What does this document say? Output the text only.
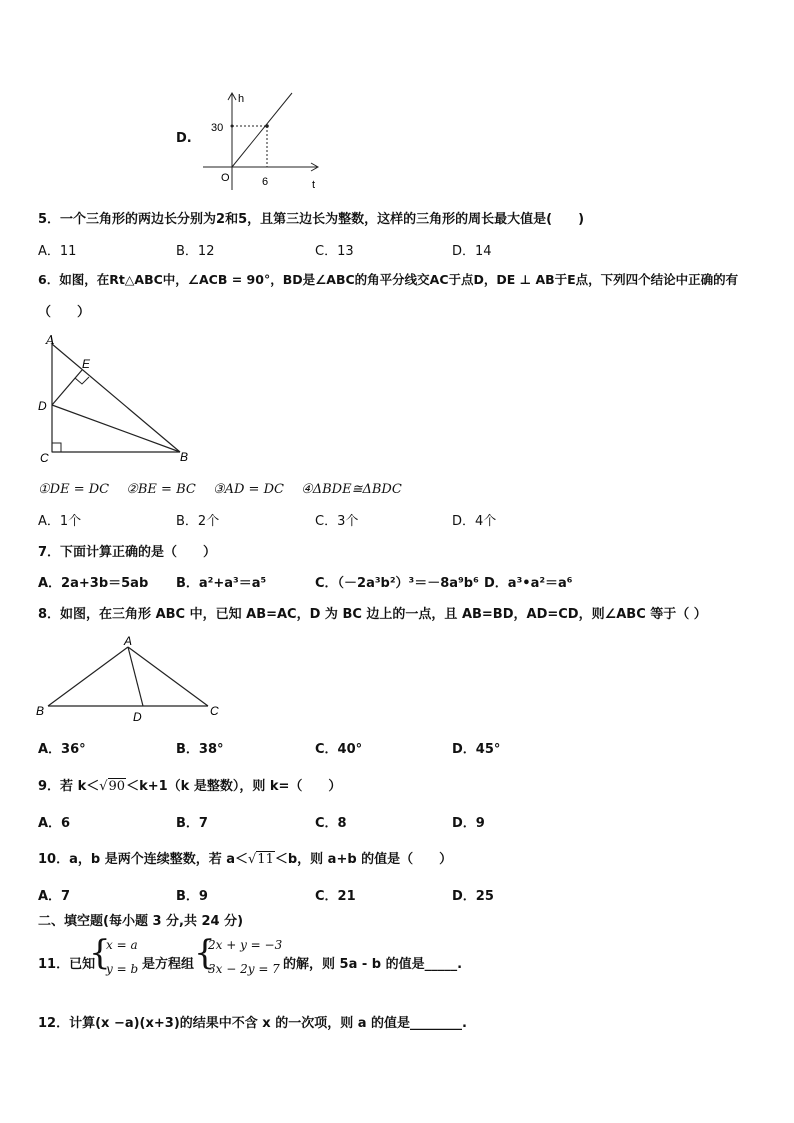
D.
h
t
O
30
6
5．一个三角形的两边长分别为2和5，且第三边长为整数，这样的三角形的周长最大值是(　　)
A．11	B．12	C．13	D．14
6．如图，在Rt△ABC中，∠ACB = 90°，BD是∠ABC的角平分线交AC于点D，DE ⊥ AB于E点，下列四个结论中正确的有
（　　）
A
E
D
C	B
①DE = DC　 ②BE = BC　 ③AD = DC　 ④ΔBDE≅ΔBDC
A．1个	B．2个	C．3个	D．4个
7．下面计算正确的是（　　）
A．2a+3b＝5ab B．a²+a³＝a⁵	C．（－2a³b²）³＝－8a⁹b⁶ D．a³•a²＝a⁶
8．如图，在三角形 ABC 中，已知 AB=AC，D 为 BC 边上的一点，且 AB=BD，AD=CD，则∠ABC 等于（ ）
A
B	D	C
A．36°	B．38°	C．40°	D．45°
9．若 k＜√90＜k+1（k 是整数），则 k=（　　）
A．6	B．7	C．8	D．9
10．a，b 是两个连续整数，若 a＜√11＜b，则 a+b 的值是（　　）
A．7	B．9	C．21	D．25
二、填空题(每小题 3 分,共 24 分)
11．已知
{
x = a
y = b 是方程组 {
2x + y = −3
3x − 2y = 7 的解，则 5a - b 的值是_____.
12．计算(x −a)(x+3)的结果中不含 x 的一次项，则 a 的值是________.
